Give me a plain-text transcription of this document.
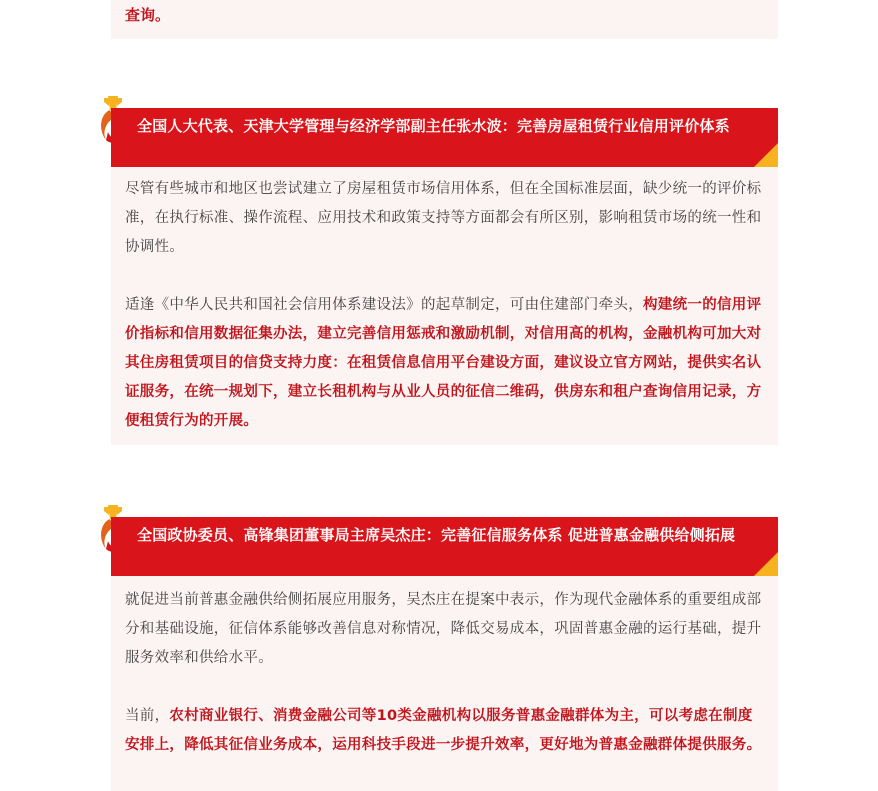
查询。

全国人大代表、天津大学管理与经济学部副主任张水波：完善房屋租赁行业信用评价体系

尽管有些城市和地区也尝试建立了房屋租赁市场信用体系，但在全国标准层面，缺少统一的评价标准，在执行标准、操作流程、应用技术和政策支持等方面都会有所区别，影响租赁市场的统一性和协调性。

适逢《中华人民共和国社会信用体系建设法》的起草制定，可由住建部门牵头，构建统一的信用评价指标和信用数据征集办法，建立完善信用惩戒和激励机制，对信用高的机构，金融机构可加大对其住房租赁项目的信贷支持力度：在租赁信息信用平台建设方面，建议设立官方网站，提供实名认证服务，在统一规划下，建立长租机构与从业人员的征信二维码，供房东和租户查询信用记录，方便租赁行为的开展。

全国政协委员、高锋集团董事局主席吴杰庄：完善征信服务体系 促进普惠金融供给侧拓展

就促进当前普惠金融供给侧拓展应用服务，吴杰庄在提案中表示，作为现代金融体系的重要组成部分和基础设施，征信体系能够改善信息对称情况，降低交易成本，巩固普惠金融的运行基础，提升服务效率和供给水平。

当前，农村商业银行、消费金融公司等10类金融机构以服务普惠金融群体为主，可以考虑在制度安排上，降低其征信业务成本，运用科技手段进一步提升效率，更好地为普惠金融群体提供服务。
